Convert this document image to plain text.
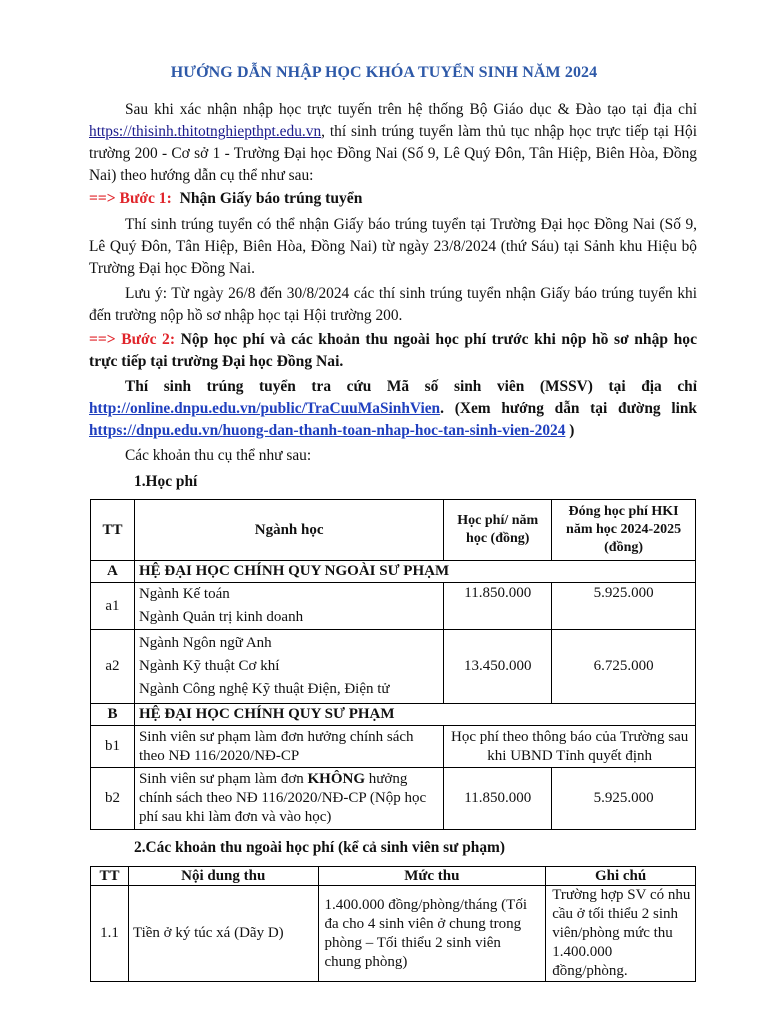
HƯỚNG DẪN NHẬP HỌC KHÓA TUYỂN SINH NĂM 2024
Sau khi xác nhận nhập học trực tuyến trên hệ thống Bộ Giáo dục & Đào tạo tại địa chỉ https://thisinh.thitotnghiepthpt.edu.vn, thí sinh trúng tuyển làm thủ tục nhập học trực tiếp tại Hội trường 200 - Cơ sở 1 - Trường Đại học Đồng Nai (Số 9, Lê Quý Đôn, Tân Hiệp, Biên Hòa, Đồng Nai) theo hướng dẫn cụ thể như sau:
==> Bước 1: Nhận Giấy báo trúng tuyển
Thí sinh trúng tuyển có thể nhận Giấy báo trúng tuyển tại Trường Đại học Đồng Nai (Số 9, Lê Quý Đôn, Tân Hiệp, Biên Hòa, Đồng Nai) từ ngày 23/8/2024 (thứ Sáu) tại Sảnh khu Hiệu bộ Trường Đại học Đồng Nai.
Lưu ý: Từ ngày 26/8 đến 30/8/2024 các thí sinh trúng tuyển nhận Giấy báo trúng tuyển khi đến trường nộp hồ sơ nhập học tại Hội trường 200.
==> Bước 2: Nộp học phí và các khoản thu ngoài học phí trước khi nộp hồ sơ nhập học trực tiếp tại trường Đại học Đồng Nai.
Thí sinh trúng tuyển tra cứu Mã số sinh viên (MSSV) tại địa chỉ http://online.dnpu.edu.vn/public/TraCuuMaSinhVien. (Xem hướng dẫn tại đường link https://dnpu.edu.vn/huong-dan-thanh-toan-nhap-hoc-tan-sinh-vien-2024 )
Các khoản thu cụ thể như sau:
1.Học phí
TT	Ngành học	Học phí/ năm học (đồng)	Đóng học phí HKI năm học 2024-2025 (đồng)
A	HỆ ĐẠI HỌC CHÍNH QUY NGOÀI SƯ PHẠM		
a1	Ngành Kế toán
Ngành Quản trị kinh doanh	11.850.000	5.925.000
a2	Ngành Ngôn ngữ Anh
Ngành Kỹ thuật Cơ khí
Ngành Công nghệ Kỹ thuật Điện, Điện tử	13.450.000	6.725.000
B	HỆ ĐẠI HỌC CHÍNH QUY SƯ PHẠM		
b1	Sinh viên sư phạm làm đơn hưởng chính sách theo NĐ 116/2020/NĐ-CP	Học phí theo thông báo của Trường sau khi UBND Tỉnh quyết định	
b2	Sinh viên sư phạm làm đơn KHÔNG hưởng chính sách theo NĐ 116/2020/NĐ-CP (Nộp học phí sau khi làm đơn và vào học)	11.850.000	5.925.000
2.Các khoản thu ngoài học phí (kể cả sinh viên sư phạm)
TT	Nội dung thu	Mức thu	Ghi chú
1.1	Tiền ở ký túc xá (Dãy D)	1.400.000 đồng/phòng/tháng (Tối đa cho 4 sinh viên ở chung trong phòng – Tối thiểu 2 sinh viên chung phòng)	Trường hợp SV có nhu cầu ở tối thiểu 2 sinh viên/phòng mức thu 1.400.000 đồng/phòng.
